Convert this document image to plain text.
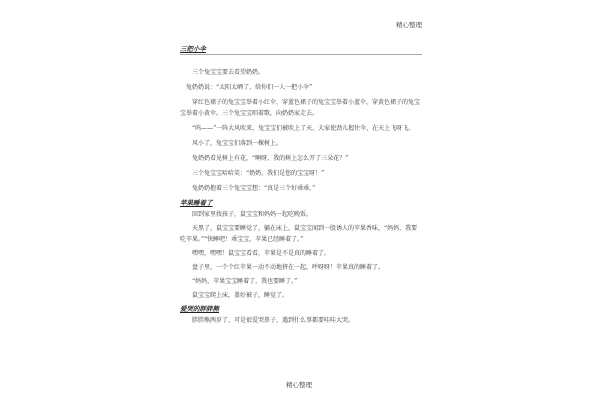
精心整理
三把小伞

三个兔宝宝要去看望奶奶。

兔奶奶说：“太阳太晒了，给你们一人一把小伞”

穿红色裙子的兔宝宝举着小红伞，穿蓝色裙子的兔宝宝举着小蓝伞，穿黄色裙子的兔宝宝举着小黄伞。三个兔宝宝唱着歌，向奶奶家走去。

“呜——”一阵大风吹来，兔宝宝们被吹上了天，大家使劲儿握住伞，在天上飞呀飞。

风小了，兔宝宝们落到一棵树上。

兔奶奶看见树上有花，“啊呀，我的树上怎么开了三朵花？”

三个兔宝宝哈哈笑：“奶奶，我们是您的宝宝呀！”

兔奶奶抱着三个兔宝宝想：“真是三个好乖乖。”

苹果睡着了

回到家里找孩子，鼠宝宝和妈妈一起吃晚饭。

天黑了，鼠宝宝要睡觉了，躺在床上，鼠宝宝闻到一股诱人的苹果香味，“妈妈，我要吃苹果。”“快睡吧！乖宝宝，苹果已经睡着了。”

嘿嘿，嘿嘿！鼠宝宝看看，苹果是不是真的睡着了。

盘子里，一个个红苹果一动不动地挤在一起，呼呀呀！苹果真的睡着了。

“妈妈，苹果宝宝睡着了，我也要睡了。”

鼠宝宝爬上床，盖好被子，睡觉了。

爱哭的胖胖熊

胖胖熊两岁了，可是很爱哭鼻子，遇到什么事都要哇哇大哭。

精心整理
